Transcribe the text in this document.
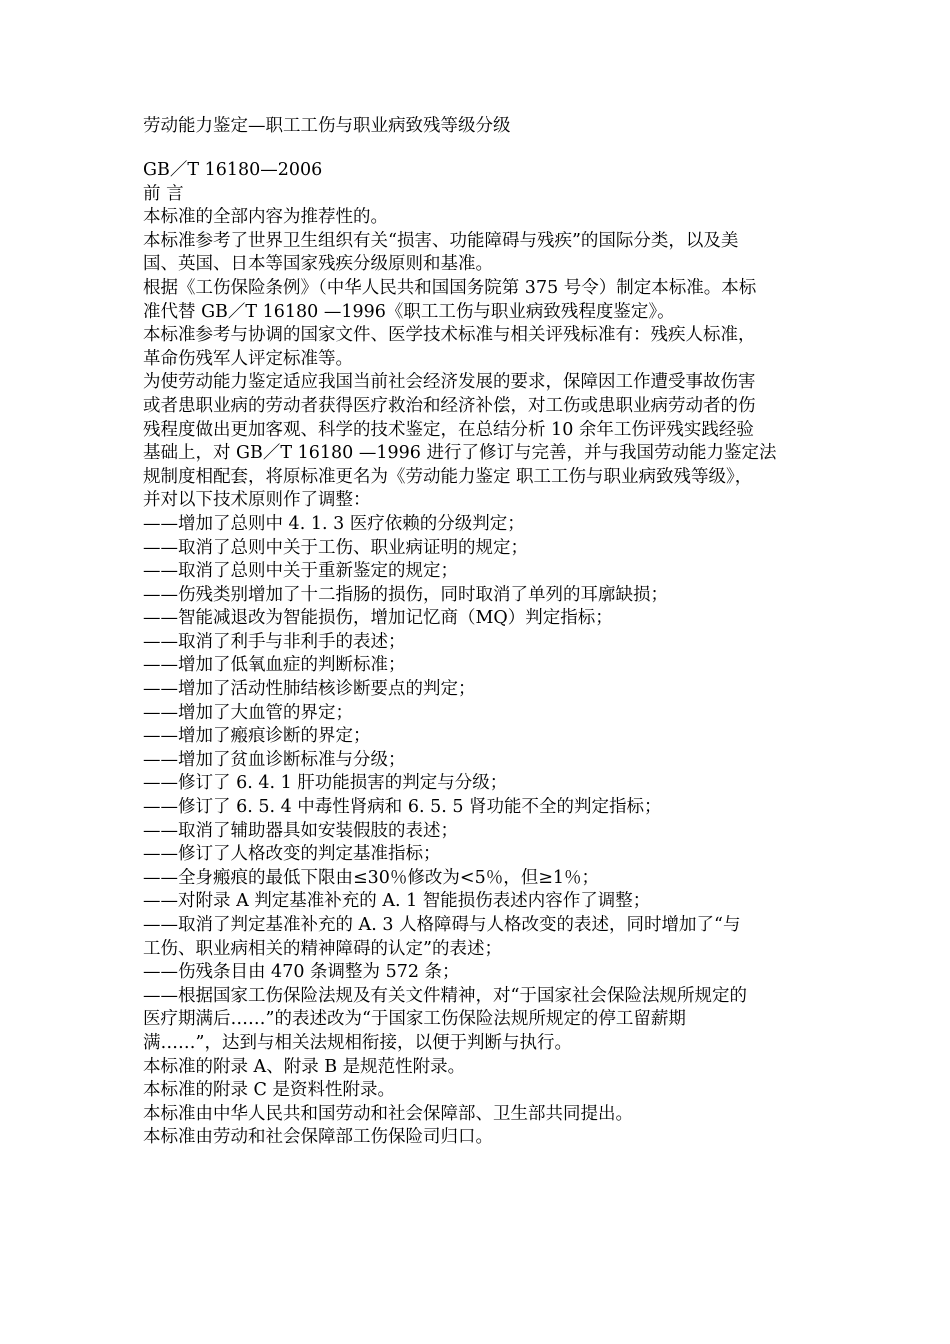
劳动能力鉴定—职工工伤与职业病致残等级分级

GB／T 16180—2006

前 言

本标准的全部内容为推荐性的。

本标准参考了世界卫生组织有关“损害、功能障碍与残疾”的国际分类，以及美

国、英国、日本等国家残疾分级原则和基准。

根据《工伤保险条例》（中华人民共和国国务院第 375 号令）制定本标准。本标

准代替 GB／T 16180 —1996《职工工伤与职业病致残程度鉴定》。

本标准参考与协调的国家文件、医学技术标准与相关评残标准有：残疾人标准，

革命伤残军人评定标准等。

为使劳动能力鉴定适应我国当前社会经济发展的要求，保障因工作遭受事故伤害

或者患职业病的劳动者获得医疗救治和经济补偿，对工伤或患职业病劳动者的伤

残程度做出更加客观、科学的技术鉴定，在总结分析 10 余年工伤评残实践经验

基础上，对 GB／T 16180 —1996 进行了修订与完善，并与我国劳动能力鉴定法

规制度相配套，将原标准更名为《劳动能力鉴定 职工工伤与职业病致残等级》，

并对以下技术原则作了调整：

——增加了总则中 4. 1. 3 医疗依赖的分级判定；

——取消了总则中关于工伤、职业病证明的规定；

——取消了总则中关于重新鉴定的规定；

——伤残类别增加了十二指肠的损伤，同时取消了单列的耳廓缺损；

——智能减退改为智能损伤，增加记忆商（MQ）判定指标；

——取消了利手与非利手的表述；

——增加了低氧血症的判断标准；

——增加了活动性肺结核诊断要点的判定；

——增加了大血管的界定；

——增加了瘢痕诊断的界定；

——增加了贫血诊断标准与分级；

——修订了 6. 4. 1 肝功能损害的判定与分级；

——修订了 6. 5. 4 中毒性肾病和 6. 5. 5 肾功能不全的判定指标；

——取消了辅助器具如安装假肢的表述；

——修订了人格改变的判定基准指标；

——全身瘢痕的最低下限由≤30％修改为<5％，但≥1％；

——对附录 A 判定基准补充的 A. 1 智能损伤表述内容作了调整；

——取消了判定基准补充的 A. 3 人格障碍与人格改变的表述，同时增加了“与

工伤、职业病相关的精神障碍的认定”的表述；

——伤残条目由 470 条调整为 572 条；

——根据国家工伤保险法规及有关文件精神，对“于国家社会保险法规所规定的

医疗期满后……”的表述改为“于国家工伤保险法规所规定的停工留薪期

满……”，达到与相关法规相衔接，以便于判断与执行。

本标准的附录 A、附录 B 是规范性附录。

本标准的附录 C 是资料性附录。

本标准由中华人民共和国劳动和社会保障部、卫生部共同提出。

本标准由劳动和社会保障部工伤保险司归口。
